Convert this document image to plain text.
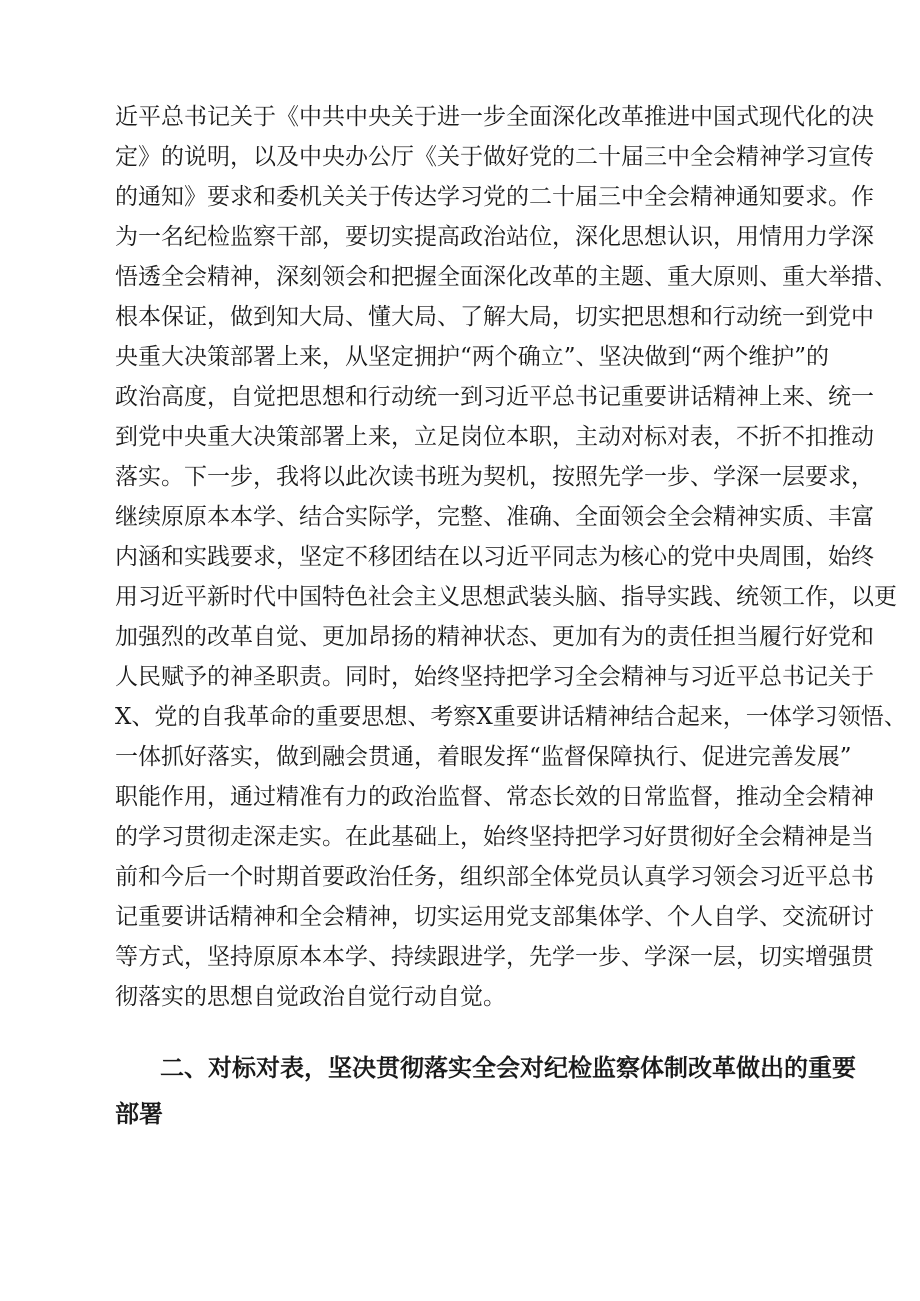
近平总书记关于《中共中央关于进一步全面深化改革推进中国式现代化的决
定》的说明，以及中央办公厅《关于做好党的二十届三中全会精神学习宣传
的通知》要求和委机关关于传达学习党的二十届三中全会精神通知要求。作
为一名纪检监察干部，要切实提高政治站位，深化思想认识，用情用力学深
悟透全会精神，深刻领会和把握全面深化改革的主题、重大原则、重大举措、
根本保证，做到知大局、懂大局、了解大局，切实把思想和行动统一到党中
央重大决策部署上来，从坚定拥护“两个确立”、坚决做到“两个维护”的
政治高度，自觉把思想和行动统一到习近平总书记重要讲话精神上来、统一
到党中央重大决策部署上来，立足岗位本职，主动对标对表，不折不扣推动
落实。下一步，我将以此次读书班为契机，按照先学一步、学深一层要求，
继续原原本本学、结合实际学，完整、准确、全面领会全会精神实质、丰富
内涵和实践要求，坚定不移团结在以习近平同志为核心的党中央周围，始终
用习近平新时代中国特色社会主义思想武装头脑、指导实践、统领工作，以更
加强烈的改革自觉、更加昂扬的精神状态、更加有为的责任担当履行好党和
人民赋予的神圣职责。同时，始终坚持把学习全会精神与习近平总书记关于
X、党的自我革命的重要思想、考察X重要讲话精神结合起来，一体学习领悟、
一体抓好落实，做到融会贯通，着眼发挥“监督保障执行、促进完善发展”
职能作用，通过精准有力的政治监督、常态长效的日常监督，推动全会精神
的学习贯彻走深走实。在此基础上，始终坚持把学习好贯彻好全会精神是当
前和今后一个时期首要政治任务，组织部全体党员认真学习领会习近平总书
记重要讲话精神和全会精神，切实运用党支部集体学、个人自学、交流研讨
等方式，坚持原原本本学、持续跟进学，先学一步、学深一层，切实增强贯
彻落实的思想自觉政治自觉行动自觉。
二、对标对表，坚决贯彻落实全会对纪检监察体制改革做出的重要
部署
